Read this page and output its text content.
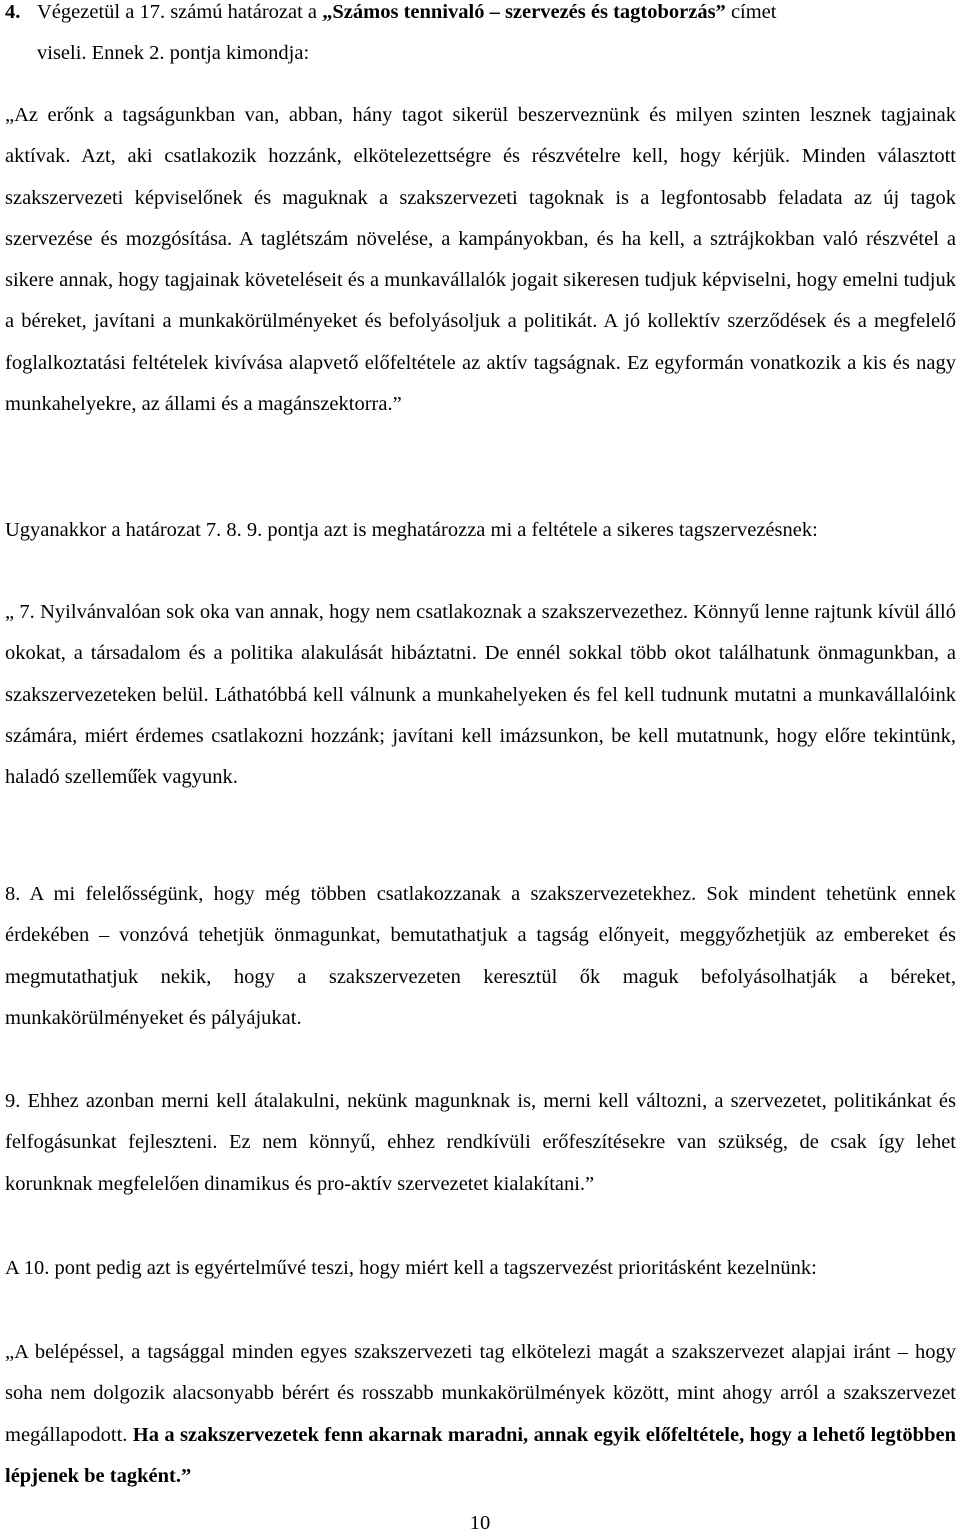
4. Végezetül a 17. számú határozat a „Számos tennivaló – szervezés és tagtoborzás” címet
viseli. Ennek 2. pontja kimondja:

„Az erőnk a tagságunkban van, abban, hány tagot sikerül beszerveznünk és milyen szinten lesznek tagjainak aktívak. Azt, aki csatlakozik hozzánk, elkötelezettségre és részvételre kell, hogy kérjük. Minden választott szakszervezeti képviselőnek és maguknak a szakszervezeti tagoknak is a legfontosabb feladata az új tagok szervezése és mozgósítása. A taglétszám növelése, a kampányokban, és ha kell, a sztrájkokban való részvétel a sikere annak, hogy tagjainak követeléseit és a munkavállalók jogait sikeresen tudjuk képviselni, hogy emelni tudjuk a béreket, javítani a munkakörülményeket és befolyásoljuk a politikát. A jó kollektív szerződések és a megfelelő foglalkoztatási feltételek kivívása alapvető előfeltétele az aktív tagságnak. Ez egyformán vonatkozik a kis és nagy munkahelyekre, az állami és a magánszektorra.”

Ugyanakkor a határozat 7. 8. 9. pontja azt is meghatározza mi a feltétele a sikeres tagszervezésnek:

„ 7. Nyilvánvalóan sok oka van annak, hogy nem csatlakoznak a szakszervezethez. Könnyű lenne rajtunk kívül álló okokat, a társadalom és a politika alakulását hibáztatni. De ennél sokkal több okot találhatunk önmagunkban, a szakszervezeteken belül. Láthatóbbá kell válnunk a munkahelyeken és fel kell tudnunk mutatni a munkavállalóink számára, miért érdemes csatlakozni hozzánk; javítani kell imázsunkon, be kell mutatnunk, hogy előre tekintünk, haladó szellemű̋ek vagyunk.

8. A mi felelősségünk, hogy még többen csatlakozzanak a szakszervezetekhez. Sok mindent tehetünk ennek érdekében – vonzóvá tehetjük önmagunkat, bemutathatjuk a tagság előnyeit, meggyőzhetjük az embereket és megmutathatjuk nekik, hogy a szakszervezeten keresztül ők maguk befolyásolhatják a béreket, munkakörülményeket és pályájukat.

9. Ehhez azonban merni kell átalakulni, nekünk magunknak is, merni kell változni, a szervezetet, politikánkat és felfogásunkat fejleszteni. Ez nem könnyű, ehhez rendkívüli erőfeszítésekre van szükség, de csak így lehet korunknak megfelelően dinamikus és pro-aktív szervezetet kialakítani.”

A 10. pont pedig azt is egyértelművé teszi, hogy miért kell a tagszervezést prioritásként kezelnünk:

„A belépéssel, a tagsággal minden egyes szakszervezeti tag elkötelezi magát a szakszervezet alapjai iránt – hogy soha nem dolgozik alacsonyabb bérért és rosszabb munkakörülmények között, mint ahogy arról a szakszervezet megállapodott. Ha a szakszervezetek fenn akarnak maradni, annak egyik előfeltétele, hogy a lehető legtöbben lépjenek be tagként.”

10
